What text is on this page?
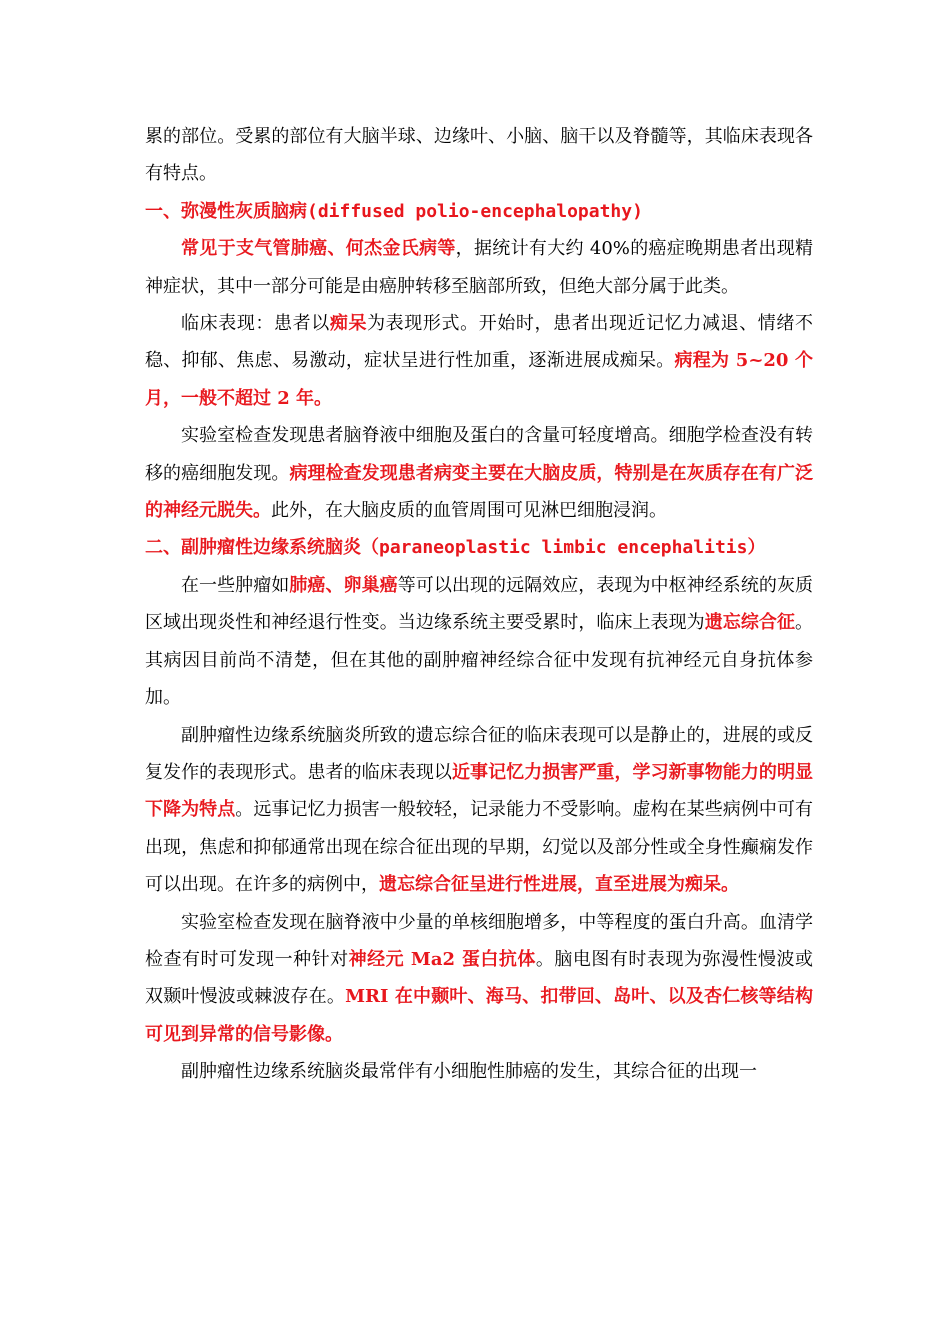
累的部位。受累的部位有大脑半球、边缘叶、小脑、脑干以及脊髓等，其临床表现各有特点。

一、弥漫性灰质脑病(diffused polio-encephalopathy)

常见于支气管肺癌、何杰金氏病等，据统计有大约 40%的癌症晚期患者出现精神症状，其中一部分可能是由癌肿转移至脑部所致，但绝大部分属于此类。

临床表现：患者以痴呆为表现形式。开始时，患者出现近记忆力减退、情绪不稳、抑郁、焦虑、易激动，症状呈进行性加重，逐渐进展成痴呆。病程为 5~20 个月，一般不超过 2 年。

实验室检查发现患者脑脊液中细胞及蛋白的含量可轻度增高。细胞学检查没有转移的癌细胞发现。病理检查发现患者病变主要在大脑皮质，特别是在灰质存在有广泛的神经元脱失。此外，在大脑皮质的血管周围可见淋巴细胞浸润。

二、副肿瘤性边缘系统脑炎（paraneoplastic limbic encephalitis）

在一些肿瘤如肺癌、卵巢癌等可以出现的远隔效应，表现为中枢神经系统的灰质区域出现炎性和神经退行性变。当边缘系统主要受累时，临床上表现为遗忘综合征。其病因目前尚不清楚，但在其他的副肿瘤神经综合征中发现有抗神经元自身抗体参加。

副肿瘤性边缘系统脑炎所致的遗忘综合征的临床表现可以是静止的，进展的或反复发作的表现形式。患者的临床表现以近事记忆力损害严重，学习新事物能力的明显下降为特点。远事记忆力损害一般较轻，记录能力不受影响。虚构在某些病例中可有出现，焦虑和抑郁通常出现在综合征出现的早期，幻觉以及部分性或全身性癫痫发作可以出现。在许多的病例中，遗忘综合征呈进行性进展，直至进展为痴呆。

实验室检查发现在脑脊液中少量的单核细胞增多，中等程度的蛋白升高。血清学检查有时可发现一种针对神经元 Ma2 蛋白抗体。脑电图有时表现为弥漫性慢波或双颞叶慢波或棘波存在。MRI 在中颞叶、海马、扣带回、岛叶、以及杏仁核等结构可见到异常的信号影像。

副肿瘤性边缘系统脑炎最常伴有小细胞性肺癌的发生，其综合征的出现一
